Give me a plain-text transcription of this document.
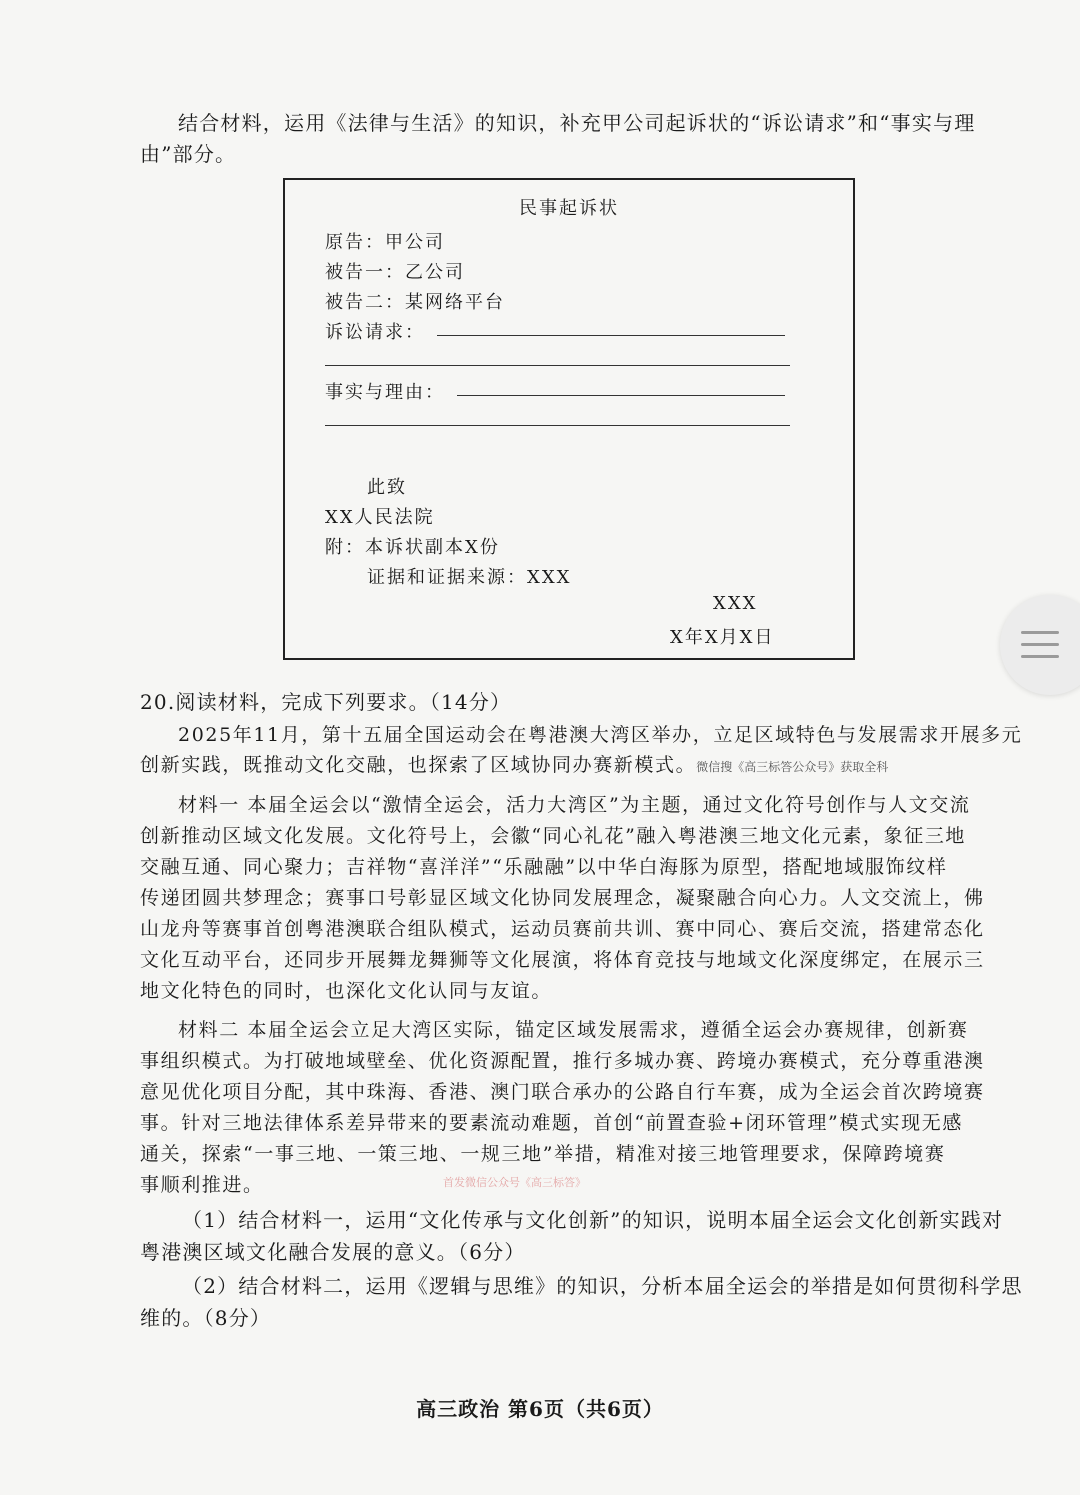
结合材料，运用《法律与生活》的知识，补充甲公司起诉状的“诉讼请求”和“事实与理
由”部分。
民事起诉状
原告：甲公司
被告一：乙公司
被告二：某网络平台
诉讼请求：
事实与理由：
此致
XX人民法院
附：本诉状副本X份
证据和证据来源：XXX
XXX
X年X月X日
20.阅读材料，完成下列要求。（14分）
2025年11月，第十五届全国运动会在粤港澳大湾区举办，立足区域特色与发展需求开展多元
创新实践，既推动文化交融，也探索了区域协同办赛新模式。微信搜《高三标答公众号》获取全科
材料一 本届全运会以“激情全运会，活力大湾区”为主题，通过文化符号创作与人文交流
创新推动区域文化发展。文化符号上，会徽“同心礼花”融入粤港澳三地文化元素，象征三地
交融互通、同心聚力；吉祥物“喜洋洋”“乐融融”以中华白海豚为原型，搭配地域服饰纹样
传递团圆共梦理念；赛事口号彰显区域文化协同发展理念，凝聚融合向心力。人文交流上，佛
山龙舟等赛事首创粤港澳联合组队模式，运动员赛前共训、赛中同心、赛后交流，搭建常态化
文化互动平台，还同步开展舞龙舞狮等文化展演，将体育竞技与地域文化深度绑定，在展示三
地文化特色的同时，也深化文化认同与友谊。
材料二 本届全运会立足大湾区实际，锚定区域发展需求，遵循全运会办赛规律，创新赛
事组织模式。为打破地域壁垒、优化资源配置，推行多城办赛、跨境办赛模式，充分尊重港澳
意见优化项目分配，其中珠海、香港、澳门联合承办的公路自行车赛，成为全运会首次跨境赛
事。针对三地法律体系差异带来的要素流动难题，首创“前置查验+闭环管理”模式实现无感
通关，探索“一事三地、一策三地、一规三地”举措，精准对接三地管理要求，保障跨境赛
事顺利推进。	首发微信公众号《高三标答》
（1）结合材料一，运用“文化传承与文化创新”的知识，说明本届全运会文化创新实践对
粤港澳区域文化融合发展的意义。（6分）
（2）结合材料二，运用《逻辑与思维》的知识，分析本届全运会的举措是如何贯彻科学思
维的。（8分）
高三政治 第6页（共6页）
